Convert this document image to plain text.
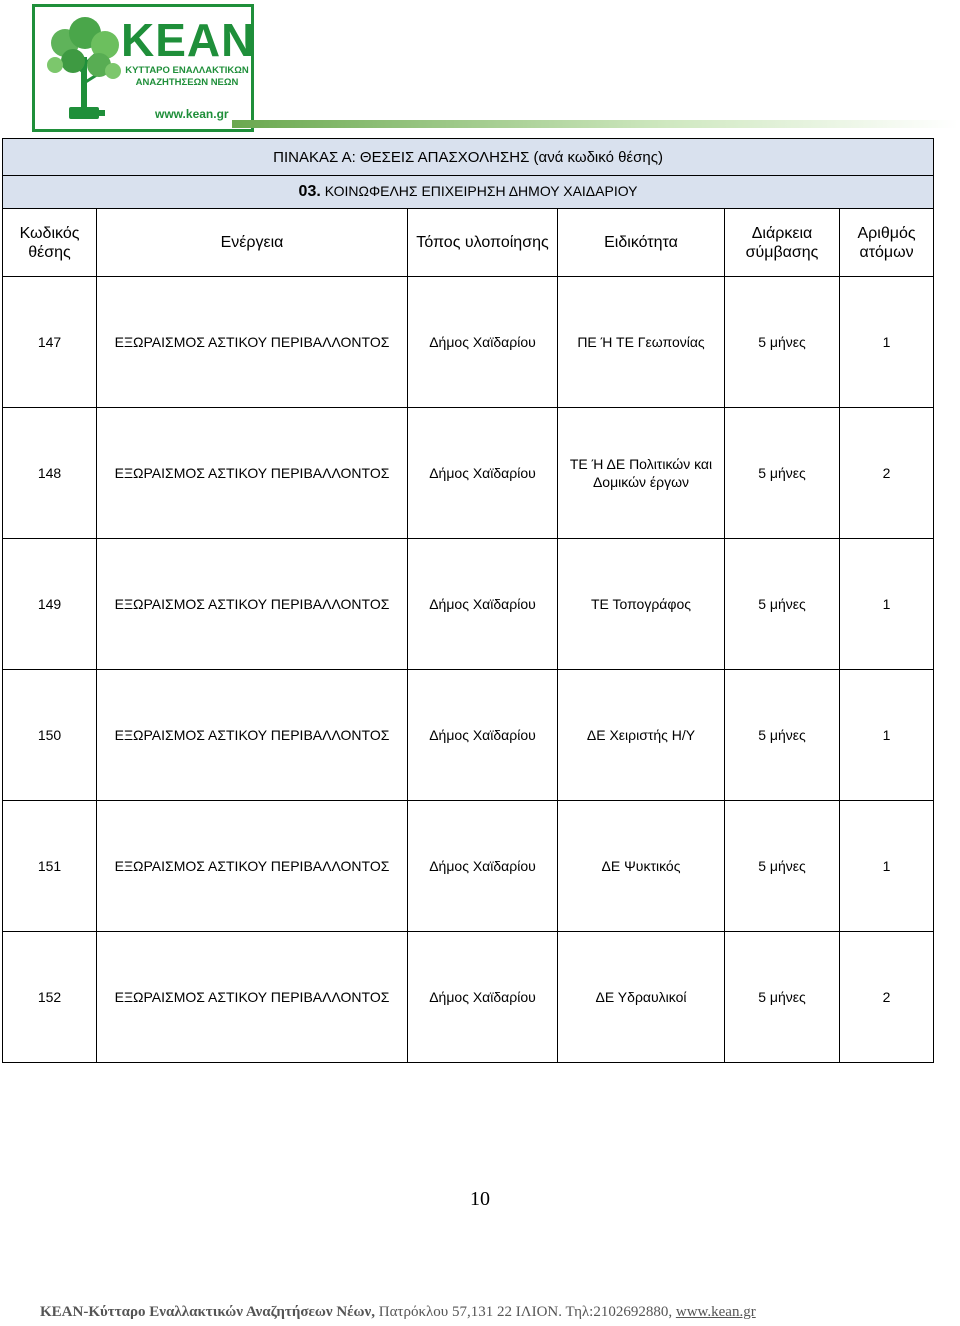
ΚΕΑΝ
ΚΥΤΤΑΡΟ ΕΝΑΛΛΑΚΤΙΚΩΝ ΑΝΑΖΗΤΗΣΕΩΝ ΝΕΩΝ
www.kean.gr
ΠΙΝΑΚΑΣ Α: ΘΕΣΕΙΣ ΑΠΑΣΧΟΛΗΣΗΣ (ανά κωδικό θέσης)					
03. ΚΟΙΝΩΦΕΛΗΣ ΕΠΙΧΕΙΡΗΣΗ ΔΗΜΟΥ ΧΑΙΔΑΡΙΟΥ					
Κωδικός θέσης	Ενέργεια	Τόπος υλοποίησης	Ειδικότητα	Διάρκεια σύμβασης	Αριθμός ατόμων
147	ΕΞΩΡΑΙΣΜΟΣ ΑΣΤΙΚΟΥ ΠΕΡΙΒΑΛΛΟΝΤΟΣ	Δήμος Χαϊδαρίου	ΠΕ Ή ΤΕ Γεωπονίας	5 μήνες	1
148	ΕΞΩΡΑΙΣΜΟΣ ΑΣΤΙΚΟΥ ΠΕΡΙΒΑΛΛΟΝΤΟΣ	Δήμος Χαϊδαρίου	ΤΕ Ή ΔΕ Πολιτικών και Δομικών έργων	5 μήνες	2
149	ΕΞΩΡΑΙΣΜΟΣ ΑΣΤΙΚΟΥ ΠΕΡΙΒΑΛΛΟΝΤΟΣ	Δήμος Χαϊδαρίου	ΤΕ Τοπογράφος	5 μήνες	1
150	ΕΞΩΡΑΙΣΜΟΣ ΑΣΤΙΚΟΥ ΠΕΡΙΒΑΛΛΟΝΤΟΣ	Δήμος Χαϊδαρίου	ΔΕ Χειριστής Η/Υ	5 μήνες	1
151	ΕΞΩΡΑΙΣΜΟΣ ΑΣΤΙΚΟΥ ΠΕΡΙΒΑΛΛΟΝΤΟΣ	Δήμος Χαϊδαρίου	ΔΕ Ψυκτικός	5 μήνες	1
152	ΕΞΩΡΑΙΣΜΟΣ ΑΣΤΙΚΟΥ ΠΕΡΙΒΑΛΛΟΝΤΟΣ	Δήμος Χαϊδαρίου	ΔΕ Υδραυλικοί	5 μήνες	2
10
ΚΕΑΝ-Κύτταρο Εναλλακτικών Αναζητήσεων Νέων, Πατρόκλου 57,131 22 ΙΛΙΟΝ. Τηλ:2102692880, www.kean.gr
